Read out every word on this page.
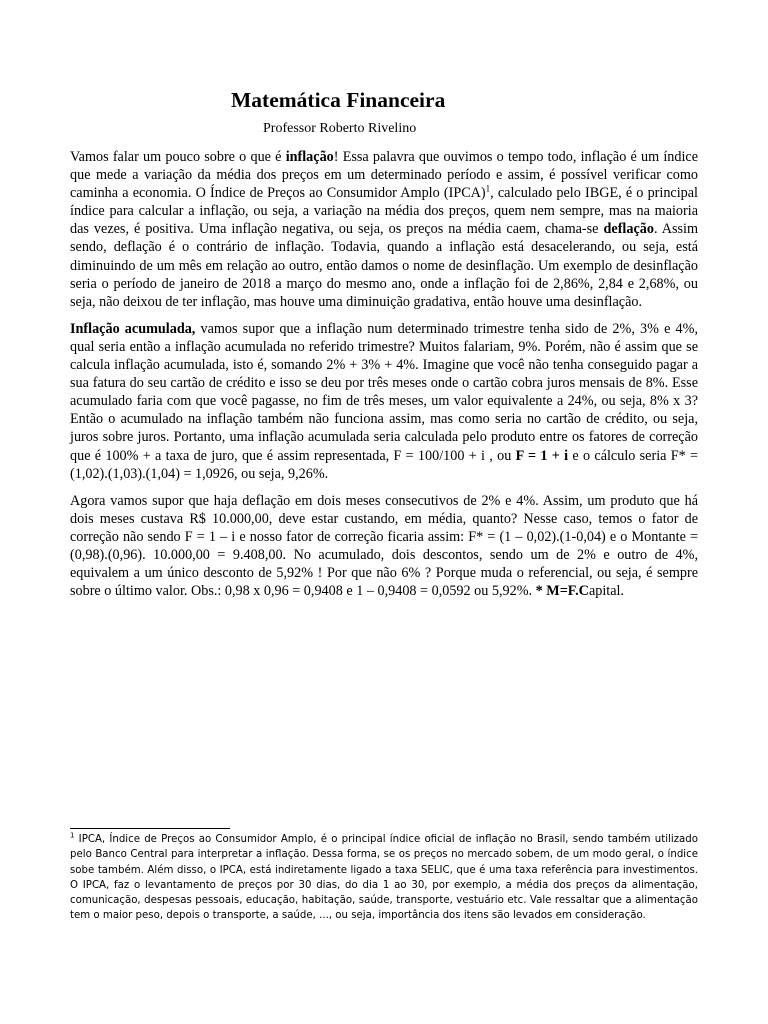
Matemática Financeira

Professor Roberto Rivelino

Vamos falar um pouco sobre o que é inflação! Essa palavra que ouvimos o tempo todo, inflação é um índice que mede a variação da média dos preços em um determinado período e assim, é possível verificar como caminha a economia. O Índice de Preços ao Consumidor Amplo (IPCA)$^1$, calculado pelo IBGE, é o principal índice para calcular a inflação, ou seja, a variação na média dos preços, quem nem sempre, mas na maioria das vezes, é positiva. Uma inflação negativa, ou seja, os preços na média caem, chama-se deflação. Assim sendo, deflação é o contrário de inflação. Todavia, quando a inflação está desacelerando, ou seja, está diminuindo de um mês em relação ao outro, então damos o nome de desinflação. Um exemplo de desinflação seria o período de janeiro de 2018 a março do mesmo ano, onde a inflação foi de 2,86%, 2,84 e 2,68%, ou seja, não deixou de ter inflação, mas houve uma diminuição gradativa, então houve uma desinflação.

Inflação acumulada, vamos supor que a inflação num determinado trimestre tenha sido de 2%, 3% e 4%, qual seria então a inflação acumulada no referido trimestre? Muitos falariam, 9%. Porém, não é assim que se calcula inflação acumulada, isto é, somando 2% + 3% + 4%. Imagine que você não tenha conseguido pagar a sua fatura do seu cartão de crédito e isso se deu por três meses onde o cartão cobra juros mensais de 8%. Esse acumulado faria com que você pagasse, no fim de três meses, um valor equivalente a 24%, ou seja, 8% x 3? Então o acumulado na inflação também não funciona assim, mas como seria no cartão de crédito, ou seja, juros sobre juros. Portanto, uma inflação acumulada seria calculada pelo produto entre os fatores de correção que é 100% + a taxa de juro, que é assim representada, F = 100/100 + i , ou F = 1 + i e o cálculo seria F* = (1,02).(1,03).(1,04) = 1,0926, ou seja, 9,26%.

Agora vamos supor que haja deflação em dois meses consecutivos de 2% e 4%. Assim, um produto que há dois meses custava R$ 10.000,00, deve estar custando, em média, quanto? Nesse caso, temos o fator de correção não sendo F = 1 – i e nosso fator de correção ficaria assim: F* = (1 – 0,02).(1-0,04) e o Montante = (0,98).(0,96). 10.000,00 = 9.408,00. No acumulado, dois descontos, sendo um de 2% e outro de 4%, equivalem a um único desconto de 5,92% ! Por que não 6% ? Porque muda o referencial, ou seja, é sempre sobre o último valor. Obs.: 0,98 x 0,96 = 0,9408 e 1 – 0,9408 = 0,0592 ou 5,92%. * M=F.Capital.

$^1$ IPCA, Índice de Preços ao Consumidor Amplo, é o principal índice oficial de inflação no Brasil, sendo também utilizado pelo Banco Central para interpretar a inflação. Dessa forma, se os preços no mercado sobem, de um modo geral, o índice sobe também. Além disso, o IPCA, está indiretamente ligado a taxa SELIC, que é uma taxa referência para investimentos. O IPCA, faz o levantamento de preços por 30 dias, do dia 1 ao 30, por exemplo, a média dos preços da alimentação, comunicação, despesas pessoais, educação, habitação, saúde, transporte, vestuário etc. Vale ressaltar que a alimentação tem o maior peso, depois o transporte, a saúde, ..., ou seja, importância dos itens são levados em consideração.
